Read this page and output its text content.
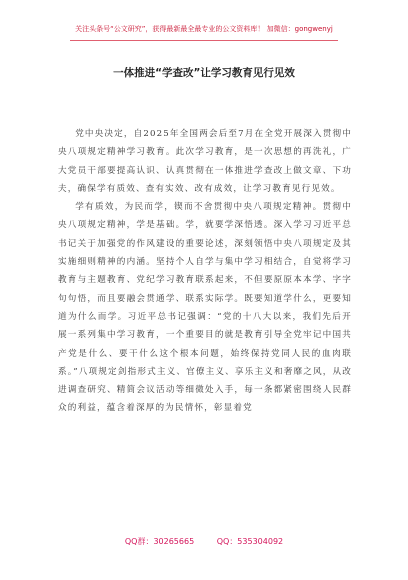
关注头条号“公文研究”，获得最新最全最专业的公文资料库！ 加微信：gongwenyj
一体推进“学查改”让学习教育见行见效

党中央决定，自2025年全国两会后至7月在全党开展深入贯彻中央八项规定精神学习教育。此次学习教育，是一次思想的再洗礼，广大党员干部要提高认识、认真贯彻在一体推进学查改上做文章、下功夫，确保学有质效、查有实效、改有成效，让学习教育见行见效。

学有质效，为民而学，锲而不舍贯彻中央八项规定精神。贯彻中央八项规定精神，学是基础。学，就要学深悟透。深入学习习近平总书记关于加强党的作风建设的重要论述，深刻领悟中央八项规定及其实施细则精神的内涵。坚持个人自学与集中学习相结合，自觉将学习教育与主题教育、党纪学习教育联系起来，不但要原原本本学、字字句句悟，而且要融会贯通学、联系实际学。既要知道学什么，更要知道为什么而学。习近平总书记强调：“党的十八大以来，我们先后开展一系列集中学习教育，一个重要目的就是教育引导全党牢记中国共产党是什么、要干什么这个根本问题，始终保持党同人民的血肉联系。”八项规定剑指形式主义、官僚主义、享乐主义和奢靡之风，从改进调查研究、精简会议活动等细微处入手，每一条都紧密围绕人民群众的利益，蕴含着深厚的为民情怀，彰显着党

QQ群：30265665	QQ：535304092
